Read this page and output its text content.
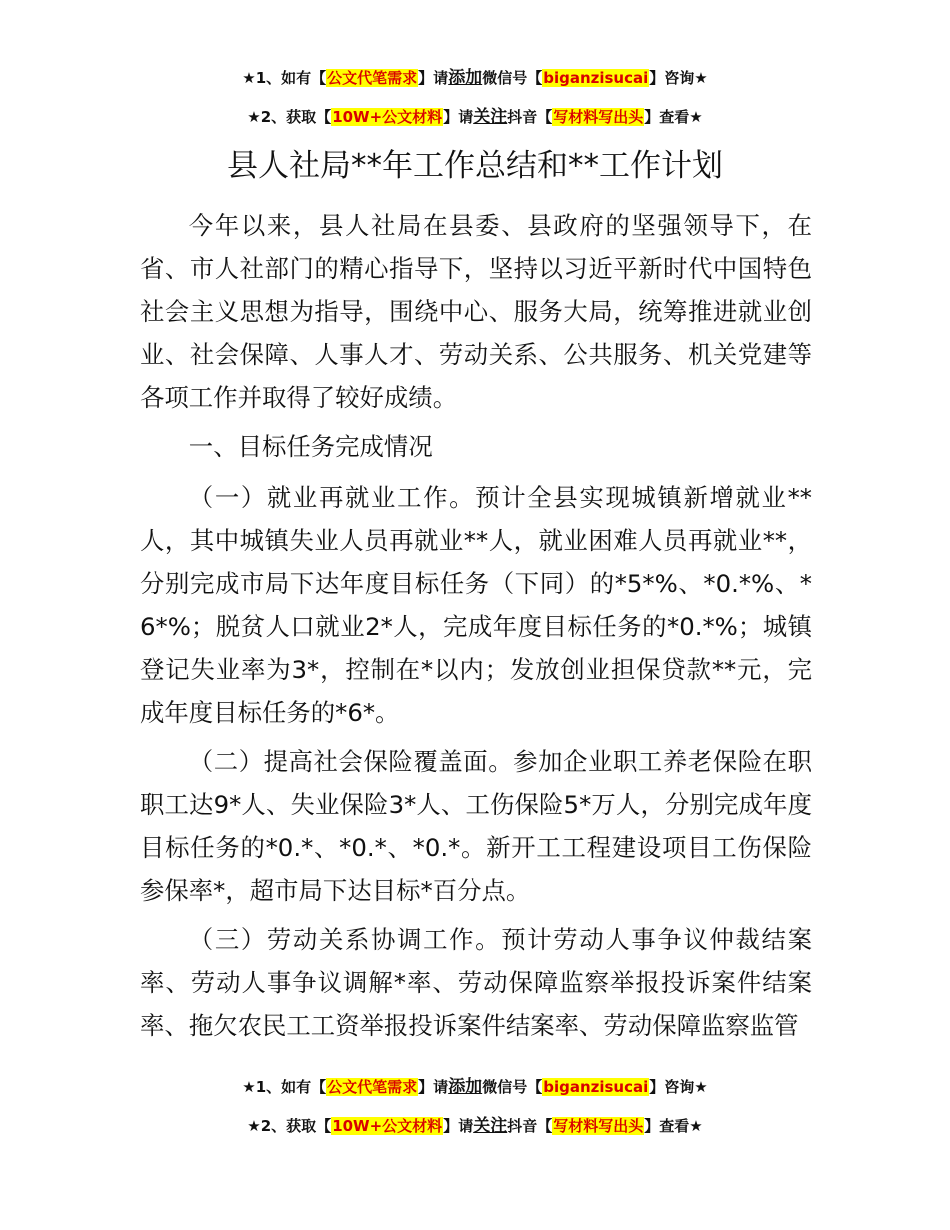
★1、如有【公文代笔需求】请添加微信号【biganzisucai】咨询★
★2、获取【10W+公文材料】请关注抖音【写材料写出头】查看★
县人社局**年工作总结和**工作计划

今年以来，县人社局在县委、县政府的坚强领导下，在省、市人社部门的精心指导下，坚持以习近平新时代中国特色社会主义思想为指导，围绕中心、服务大局，统筹推进就业创业、社会保障、人事人才、劳动关系、公共服务、机关党建等各项工作并取得了较好成绩。

一、目标任务完成情况

（一）就业再就业工作。预计全县实现城镇新增就业**人，其中城镇失业人员再就业**人，就业困难人员再就业**，分别完成市局下达年度目标任务（下同）的*5*%、*0.*%、*6*%；脱贫人口就业2*人，完成年度目标任务的*0.*%；城镇登记失业率为3*，控制在*以内；发放创业担保贷款**元，完成年度目标任务的*6*。

（二）提高社会保险覆盖面。参加企业职工养老保险在职职工达9*人、失业保险3*人、工伤保险5*万人，分别完成年度目标任务的*0.*、*0.*、*0.*。新开工工程建设项目工伤保险参保率*，超市局下达目标*百分点。

（三）劳动关系协调工作。预计劳动人事争议仲裁结案率、劳动人事争议调解*率、劳动保障监察举报投诉案件结案率、拖欠农民工工资举报投诉案件结案率、劳动保障监察监管

★1、如有【公文代笔需求】请添加微信号【biganzisucai】咨询★
★2、获取【10W+公文材料】请关注抖音【写材料写出头】查看★
